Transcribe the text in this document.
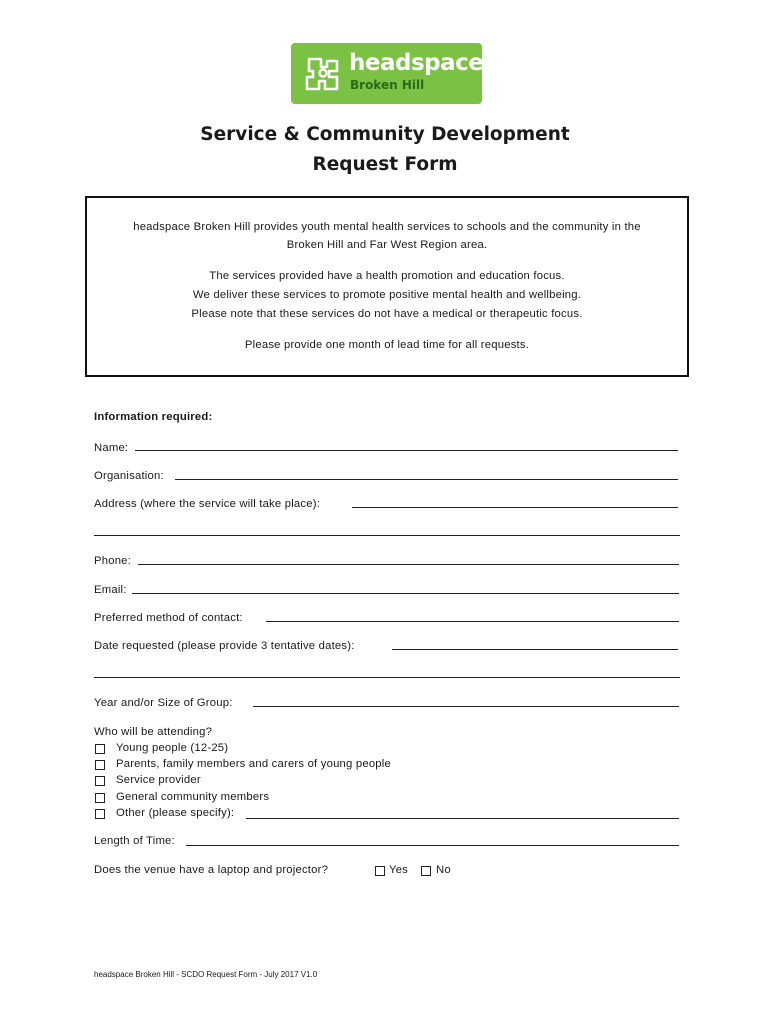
headspace
Broken Hill
Service & Community Development
Request Form

headspace Broken Hill provides youth mental health services to schools and the community in the

Broken Hill and Far West Region area.

The services provided have a health promotion and education focus.

We deliver these services to promote positive mental health and wellbeing.

Please note that these services do not have a medical or therapeutic focus.

Please provide one month of lead time for all requests.

Information required:
Name:
Organisation:
Address (where the service will take place):
Phone:
Email:
Preferred method of contact:
Date requested (please provide 3 tentative dates):
Year and/or Size of Group:
Who will be attending?
Young people (12-25)
Parents, family members and carers of young people
Service provider
General community members
Other (please specify):
Length of Time:
Does the venue have a laptop and projector?	Yes No
headspace Broken Hill - SCDO Request Form - July 2017 V1.0
